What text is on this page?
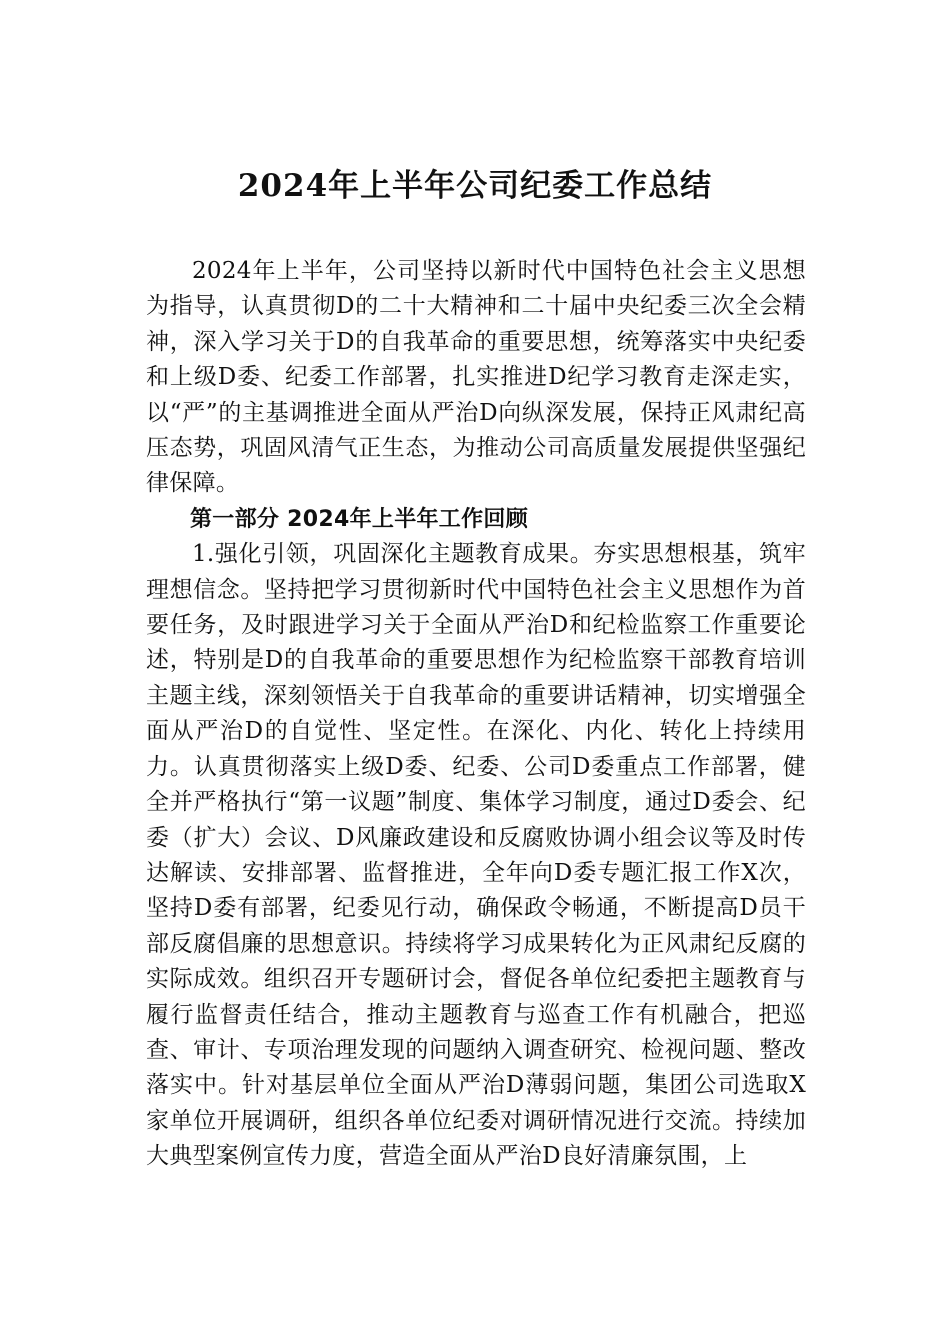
2024年上半年公司纪委工作总结

2024年上半年，公司坚持以新时代中国特色社会主义思想为指导，认真贯彻D的二十大精神和二十届中央纪委三次全会精神，深入学习关于D的自我革命的重要思想，统筹落实中央纪委和上级D委、纪委工作部署，扎实推进D纪学习教育走深走实，以“严”的主基调推进全面从严治D向纵深发展，保持正风肃纪高压态势，巩固风清气正生态，为推动公司高质量发展提供坚强纪律保障。

第一部分 2024年上半年工作回顾

1.强化引领，巩固深化主题教育成果。夯实思想根基，筑牢理想信念。坚持把学习贯彻新时代中国特色社会主义思想作为首要任务，及时跟进学习关于全面从严治D和纪检监察工作重要论述，特别是D的自我革命的重要思想作为纪检监察干部教育培训主题主线，深刻领悟关于自我革命的重要讲话精神，切实增强全面从严治D的自觉性、坚定性。在深化、内化、转化上持续用力。认真贯彻落实上级D委、纪委、公司D委重点工作部署，健全并严格执行“第一议题”制度、集体学习制度，通过D委会、纪委（扩大）会议、D风廉政建设和反腐败协调小组会议等及时传达解读、安排部署、监督推进，全年向D委专题汇报工作X次，坚持D委有部署，纪委见行动，确保政令畅通，不断提高D员干部反腐倡廉的思想意识。持续将学习成果转化为正风肃纪反腐的实际成效。组织召开专题研讨会，督促各单位纪委把主题教育与履行监督责任结合，推动主题教育与巡查工作有机融合，把巡查、审计、专项治理发现的问题纳入调查研究、检视问题、整改落实中。针对基层单位全面从严治D薄弱问题，集团公司选取X家单位开展调研，组织各单位纪委对调研情况进行交流。持续加大典型案例宣传力度，营造全面从严治D良好清廉氛围，上
